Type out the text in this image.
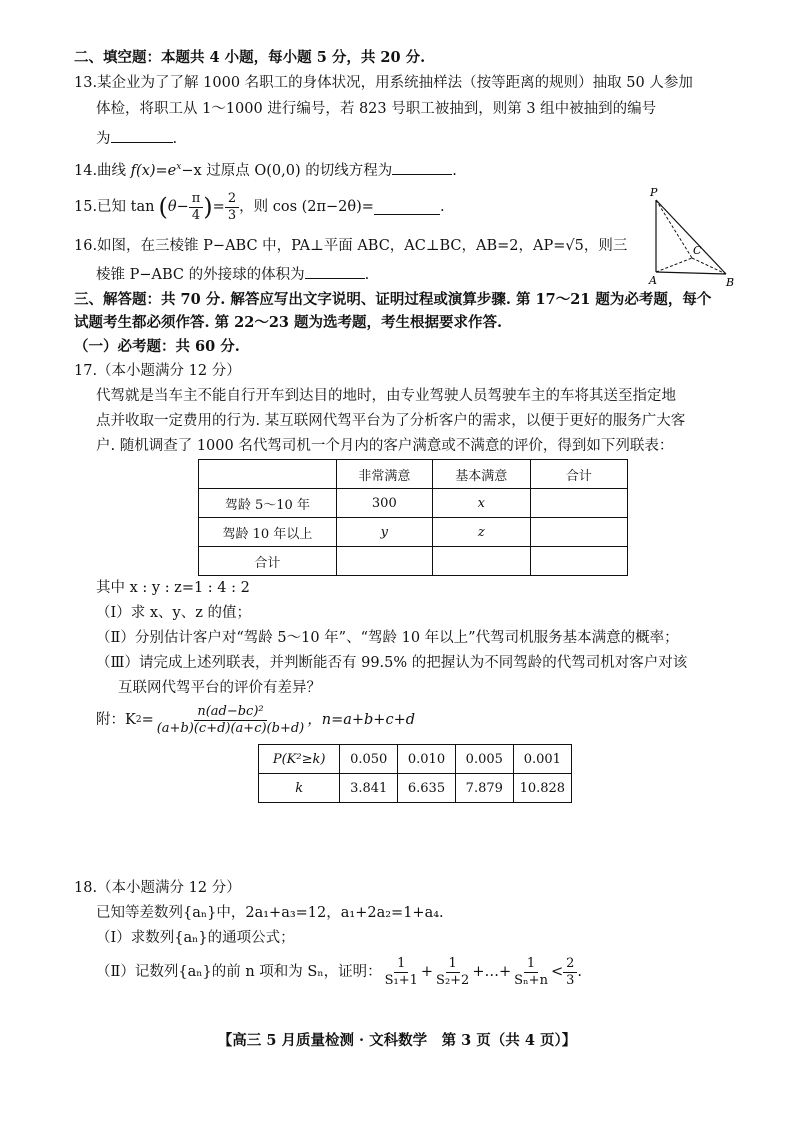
二、填空题：本题共 4 小题，每小题 5 分，共 20 分.
13.某企业为了了解 1000 名职工的身体状况，用系统抽样法（按等距离的规则）抽取 50 人参加
体检，将职工从 1～1000 进行编号，若 823 号职工被抽到，则第 3 组中被抽到的编号
为	.
14.曲线 $f(x)=e^x-x$ 过原点 O(0,0) 的切线方程为	.
15.已知 tan ( $\theta- \frac{\pi}{4}$ ) = $\frac{2}{3}$ ，则 cos (2π−2θ)=	.
16.如图，在三棱锥 P−ABC 中，PA⊥平面 ABC，AC⊥BC，AB=2，AP=√5，则三
棱锥 P−ABC 的外接球的体积为	.
P
A	B
C
三、解答题：共 70 分. 解答应写出文字说明、证明过程或演算步骤. 第 17～21 题为必考题，每个
试题考生都必须作答. 第 22～23 题为选考题，考生根据要求作答.
（一）必考题：共 60 分.
17.（本小题满分 12 分）
代驾就是当车主不能自行开车到达目的地时，由专业驾驶人员驾驶车主的车将其送至指定地
点并收取一定费用的行为. 某互联网代驾平台为了分析客户的需求，以便于更好的服务广大客
户. 随机调查了 1000 名代驾司机一个月内的客户满意或不满意的评价，得到如下列联表：
	非常满意	基本满意	合计
驾龄 5～10 年	300	x	
驾龄 10 年以上	y	z	
合计			
其中 x : y : z=1 : 4 : 2
（Ⅰ）求 x、y、z 的值；
（Ⅱ）分别估计客户对“驾龄 5～10 年”、“驾龄 10 年以上”代驾司机服务基本满意的概率；
（Ⅲ）请完成上述列联表，并判断能否有 99.5% 的把握认为不同驾龄的代驾司机对客户对该
互联网代驾平台的评价有差异？
附：K $2 = \frac{\text{n(ad−bc)²}}{(a+b)(c+d)(a+c)(b+d)}$ ，n=a+b+c+d
P(K²≥k)	0.050	0.010	0.005	0.001
k	3.841	6.635	7.879	10.828
18.（本小题满分 12 分）
已知等差数列{aₙ}中，2a₁+a₃=12，a₁+2a₂=1+a₄.
（Ⅰ）求数列{aₙ}的通项公式；
（Ⅱ）记数列{aₙ}的前 n 项和为 Sₙ，证明： $\frac{1}{\text{S₁+1}} + \frac{1}{\text{S₂+2}}$ +…+ $\frac{1}{\text{Sₙ+n}} < \frac{2}{3}$ .
【高三 5 月质量检测 · 文科数学　第 3 页（共 4 页）】
